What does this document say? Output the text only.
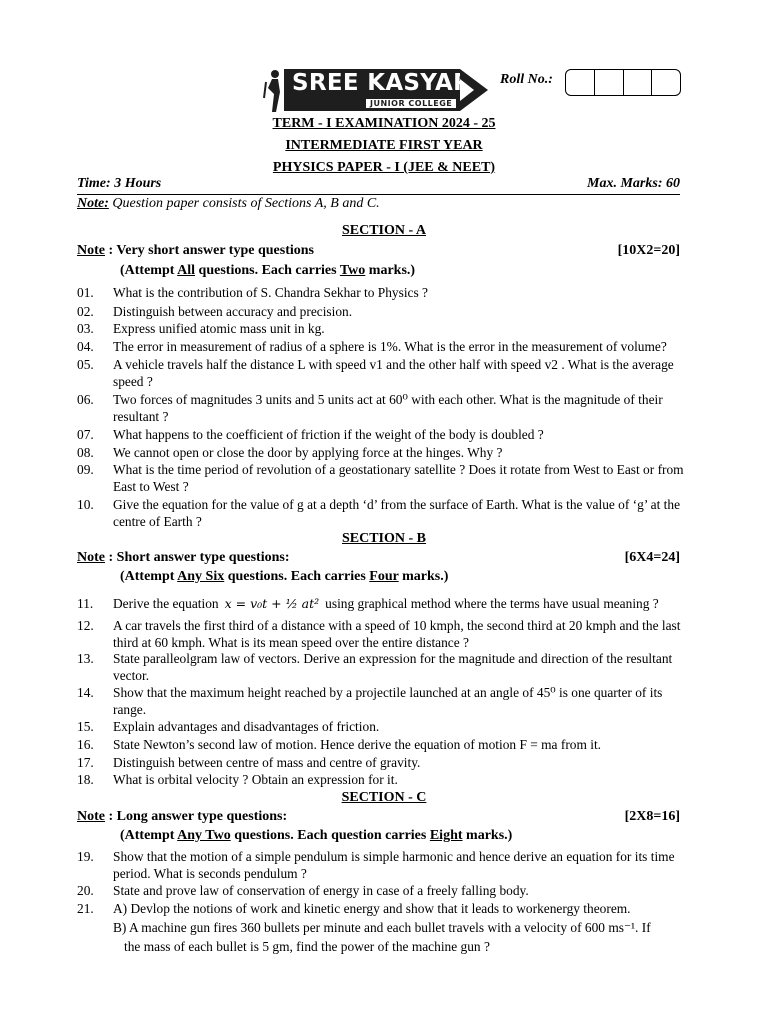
SREE KASYAP
JUNIOR COLLEGE
Roll No.:
TERM - I EXAMINATION 2024 - 25
INTERMEDIATE FIRST YEAR
PHYSICS PAPER - I (JEE & NEET)
Time: 3 Hours	Max. Marks: 60
Note: Question paper consists of Sections A, B and C.
SECTION - A
Note : Very short answer type questions	[10X2=20]
(Attempt All questions. Each carries Two marks.)
01. What is the contribution of S. Chandra Sekhar to Physics ?
02. Distinguish between accuracy and precision.
03. Express unified atomic mass unit in kg.
04. The error in measurement of radius of a sphere is 1%. What is the error in the measurement of volume?
05. A vehicle travels half the distance L with speed v1 and the other half with speed v2 . What is the average speed ?
06. Two forces of magnitudes 3 units and 5 units act at 60⁰ with each other. What is the magnitude of their resultant ?
07. What happens to the coefficient of friction if the weight of the body is doubled ?
08. We cannot open or close the door by applying force at the hinges. Why ?
09. What is the time period of revolution of a geostationary satellite ? Does it rotate from West to East or from East to West ?
10. Give the equation for the value of g at a depth ‘d’ from the surface of Earth. What is the value of ‘g’ at the centre of Earth ?
SECTION - B
Note : Short answer type questions:	[6X4=24]
(Attempt Any Six questions. Each carries Four marks.)
11. Derive the equation x = v₀t + ½ at² using graphical method where the terms have usual meaning ?
12. A car travels the first third of a distance with a speed of 10 kmph, the second third at 20 kmph and the last third at 60 kmph. What is its mean speed over the entire distance ?
13. State paralleolgram law of vectors. Derive an expression for the magnitude and direction of the resultant vector.
14. Show that the maximum height reached by a projectile launched at an angle of 45⁰ is one quarter of its range.
15. Explain advantages and disadvantages of friction.
16. State Newton’s second law of motion. Hence derive the equation of motion F = ma from it.
17. Distinguish between centre of mass and centre of gravity.
18. What is orbital velocity ? Obtain an expression for it.
SECTION - C
Note : Long answer type questions:	[2X8=16]
(Attempt Any Two questions. Each question carries Eight marks.)
19. Show that the motion of a simple pendulum is simple harmonic and hence derive an equation for its time period. What is seconds pendulum ?
20. State and prove law of conservation of energy in case of a freely falling body.
21. A) Devlop the notions of work and kinetic energy and show that it leads to workenergy theorem.
B) A machine gun fires 360 bullets per minute and each bullet travels with a velocity of 600 ms⁻¹. If
the mass of each bullet is 5 gm, find the power of the machine gun ?
